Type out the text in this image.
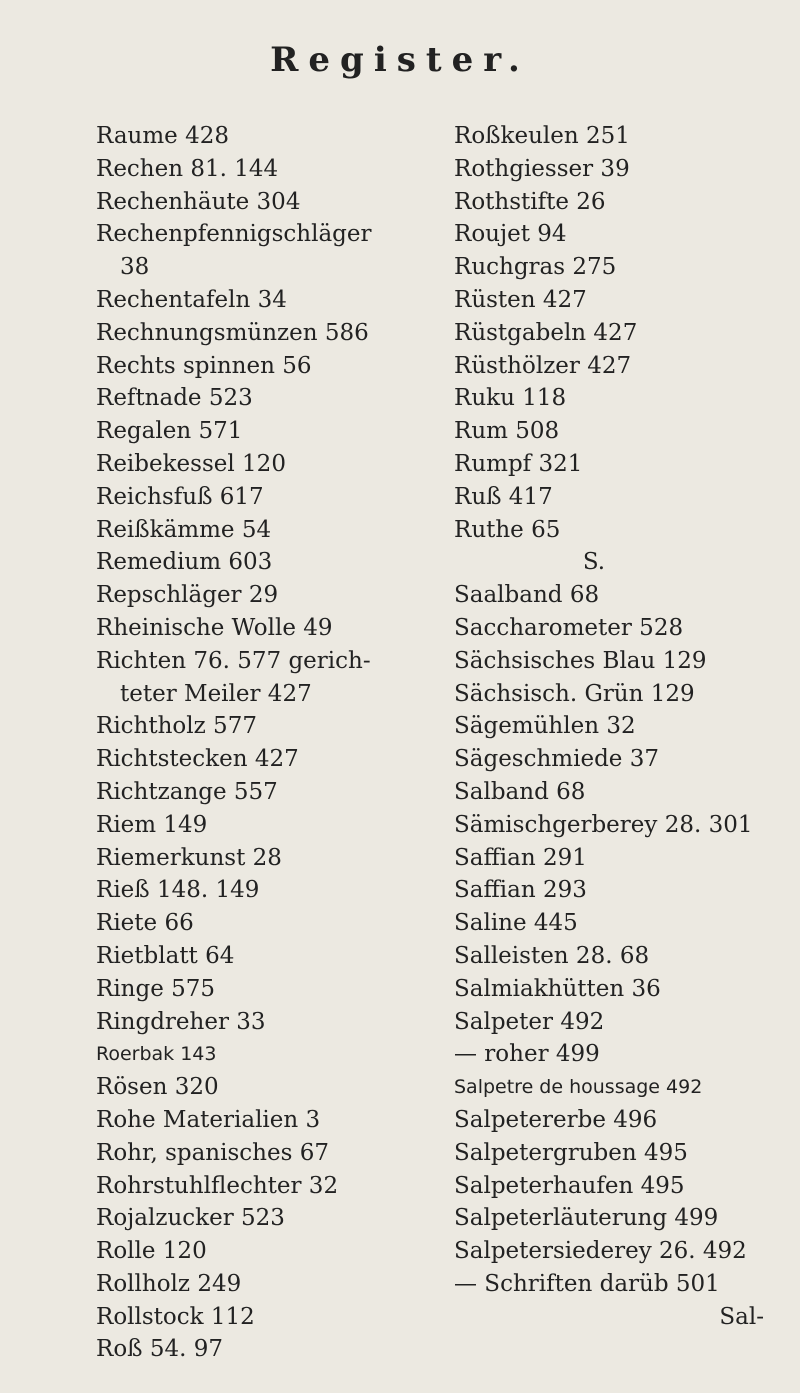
Register.
Raume 428
Rechen 81. 144
Rechenhäute 304
Rechenpfennigschläger
38
Rechentafeln 34
Rechnungsmünzen 586
Rechts spinnen 56
Reftnade 523
Regalen 571
Reibekessel 120
Reichsfuß 617
Reißkämme 54
Remedium 603
Repschläger 29
Rheinische Wolle 49
Richten 76. 577 gerich-
teter Meiler 427
Richtholz 577
Richtstecken 427
Richtzange 557
Riem 149
Riemerkunst 28
Rieß 148. 149
Riete 66
Rietblatt 64
Ringe 575
Ringdreher 33
Roerbak 143
Rösen 320
Rohe Materialien 3
Rohr, spanisches 67
Rohrstuhlflechter 32
Rojalzucker 523
Rolle 120
Rollholz 249
Rollstock 112
Roß 54. 97
Roßkeulen 251
Rothgiesser 39
Rothstifte 26
Roujet 94
Ruchgras 275
Rüsten 427
Rüstgabeln 427
Rüsthölzer 427
Ruku 118
Rum 508
Rumpf 321
Ruß 417
Ruthe 65
S.
Saalband 68
Saccharometer 528
Sächsisches Blau 129
Sächsisch. Grün 129
Sägemühlen 32
Sägeschmiede 37
Salband 68
Sämischgerberey 28. 301
Saffian 291
Saffian 293
Saline 445
Salleisten 28. 68
Salmiakhütten 36
Salpeter 492
— roher 499
Salpetre de houssage 492
Salpetererbe 496
Salpetergruben 495
Salpeterhaufen 495
Salpeterläuterung 499
Salpetersiederey 26. 492
— Schriften darüb 501
Sal-
